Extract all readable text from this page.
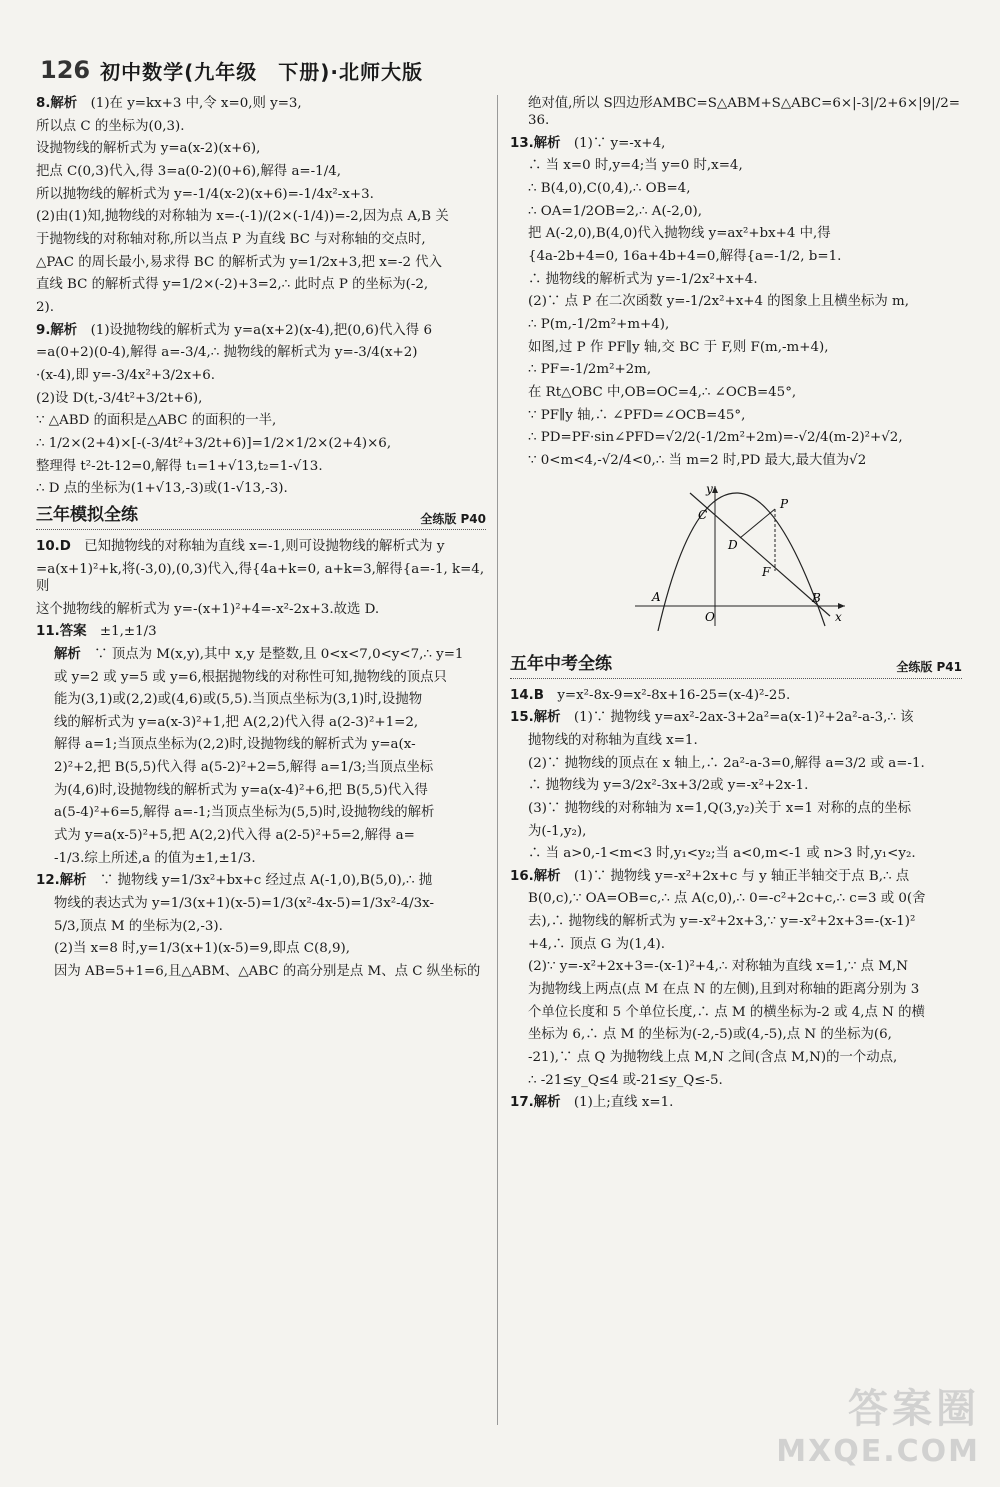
126 初中数学(九年级　下册)·北师大版
8.解析　 (1)在 y=kx+3 中,令 x=0,则 y=3,
所以点 C 的坐标为(0,3).
设抛物线的解析式为 y=a(x-2)(x+6),
把点 C(0,3)代入,得 3=a(0-2)(0+6),解得 a=-1/4,
所以抛物线的解析式为 y=-1/4(x-2)(x+6)=-1/4x²-x+3.
(2)由(1)知,抛物线的对称轴为 x=-(-1)/(2×(-1/4))=-2,因为点 A,B 关
于抛物线的对称轴对称,所以当点 P 为直线 BC 与对称轴的交点时,
△PAC 的周长最小,易求得 BC 的解析式为 y=1/2x+3,把 x=-2 代入
直线 BC 的解析式得 y=1/2×(-2)+3=2,∴ 此时点 P 的坐标为(-2,
2).
9.解析　 (1)设抛物线的解析式为 y=a(x+2)(x-4),把(0,6)代入得 6
=a(0+2)(0-4),解得 a=-3/4,∴ 抛物线的解析式为 y=-3/4(x+2)
·(x-4),即 y=-3/4x²+3/2x+6.
(2)设 D(t,-3/4t²+3/2t+6),
∵ △ABD 的面积是△ABC 的面积的一半,
∴ 1/2×(2+4)×[-(-3/4t²+3/2t+6)]=1/2×1/2×(2+4)×6,
整理得 t²-2t-12=0,解得 t₁=1+√13,t₂=1-√13.
∴ D 点的坐标为(1+√13,-3)或(1-√13,-3).
三年模拟全练	全练版 P40
10.D　 已知抛物线的对称轴为直线 x=-1,则可设抛物线的解析式为 y
=a(x+1)²+k,将(-3,0),(0,3)代入,得{4a+k=0, a+k=3,解得{a=-1, k=4,则
这个抛物线的解析式为 y=-(x+1)²+4=-x²-2x+3.故选 D.
11.答案　 ±1,±1/3
解析　 ∵ 顶点为 M(x,y),其中 x,y 是整数,且 0<x<7,0<y<7,∴ y=1
或 y=2 或 y=5 或 y=6,根据抛物线的对称性可知,抛物线的顶点只
能为(3,1)或(2,2)或(4,6)或(5,5).当顶点坐标为(3,1)时,设抛物
线的解析式为 y=a(x-3)²+1,把 A(2,2)代入得 a(2-3)²+1=2,
解得 a=1;当顶点坐标为(2,2)时,设抛物线的解析式为 y=a(x-
2)²+2,把 B(5,5)代入得 a(5-2)²+2=5,解得 a=1/3;当顶点坐标
为(4,6)时,设抛物线的解析式为 y=a(x-4)²+6,把 B(5,5)代入得
a(5-4)²+6=5,解得 a=-1;当顶点坐标为(5,5)时,设抛物线的解析
式为 y=a(x-5)²+5,把 A(2,2)代入得 a(2-5)²+5=2,解得 a=
-1/3.综上所述,a 的值为±1,±1/3.
12.解析　 ∵ 抛物线 y=1/3x²+bx+c 经过点 A(-1,0),B(5,0),∴ 抛
物线的表达式为 y=1/3(x+1)(x-5)=1/3(x²-4x-5)=1/3x²-4/3x-
5/3,顶点 M 的坐标为(2,-3).
(2)当 x=8 时,y=1/3(x+1)(x-5)=9,即点 C(8,9),
因为 AB=5+1=6,且△ABM、△ABC 的高分别是点 M、点 C 纵坐标的
绝对值,所以 S四边形AMBC=S△ABM+S△ABC=6×|-3|/2+6×|9|/2=36.
13.解析　 (1)∵ y=-x+4,
∴ 当 x=0 时,y=4;当 y=0 时,x=4,
∴ B(4,0),C(0,4),∴ OB=4,
∴ OA=1/2OB=2,∴ A(-2,0),
把 A(-2,0),B(4,0)代入抛物线 y=ax²+bx+4 中,得
{4a-2b+4=0, 16a+4b+4=0,解得{a=-1/2, b=1.
∴ 抛物线的解析式为 y=-1/2x²+x+4.
(2)∵ 点 P 在二次函数 y=-1/2x²+x+4 的图象上且横坐标为 m,
∴ P(m,-1/2m²+m+4),
如图,过 P 作 PF∥y 轴,交 BC 于 F,则 F(m,-m+4),
∴ PF=-1/2m²+2m,
在 Rt△OBC 中,OB=OC=4,∴ ∠OCB=45°,
∵ PF∥y 轴,∴ ∠PFD=∠OCB=45°,
∴ PD=PF·sin∠PFD=√2/2(-1/2m²+2m)=-√2/4(m-2)²+√2,
∵ 0<m<4,-√2/4<0,∴ 当 m=2 时,PD 最大,最大值为√2
y
x
C
P
D
F
A
O
B
五年中考全练	全练版 P41
14.B　 y=x²-8x-9=x²-8x+16-25=(x-4)²-25.
15.解析　 (1)∵ 抛物线 y=ax²-2ax-3+2a²=a(x-1)²+2a²-a-3,∴ 该
抛物线的对称轴为直线 x=1.
(2)∵ 抛物线的顶点在 x 轴上,∴ 2a²-a-3=0,解得 a=3/2 或 a=-1.
∴ 抛物线为 y=3/2x²-3x+3/2或 y=-x²+2x-1.
(3)∵ 抛物线的对称轴为 x=1,Q(3,y₂)关于 x=1 对称的点的坐标
为(-1,y₂),
∴ 当 a>0,-1<m<3 时,y₁<y₂;当 a<0,m<-1 或 n>3 时,y₁<y₂.
16.解析　 (1)∵ 抛物线 y=-x²+2x+c 与 y 轴正半轴交于点 B,∴ 点
B(0,c),∵ OA=OB=c,∴ 点 A(c,0),∴ 0=-c²+2c+c,∴ c=3 或 0(舍
去),∴ 抛物线的解析式为 y=-x²+2x+3,∵ y=-x²+2x+3=-(x-1)²
+4,∴ 顶点 G 为(1,4).
(2)∵ y=-x²+2x+3=-(x-1)²+4,∴ 对称轴为直线 x=1,∵ 点 M,N
为抛物线上两点(点 M 在点 N 的左侧),且到对称轴的距离分别为 3
个单位长度和 5 个单位长度,∴ 点 M 的横坐标为-2 或 4,点 N 的横
坐标为 6,∴ 点 M 的坐标为(-2,-5)或(4,-5),点 N 的坐标为(6,
-21),∵ 点 Q 为抛物线上点 M,N 之间(含点 M,N)的一个动点,
∴ -21≤y_Q≤4 或-21≤y_Q≤-5.
17.解析　 (1)上;直线 x=1.
答案圈
MXQE.COM
